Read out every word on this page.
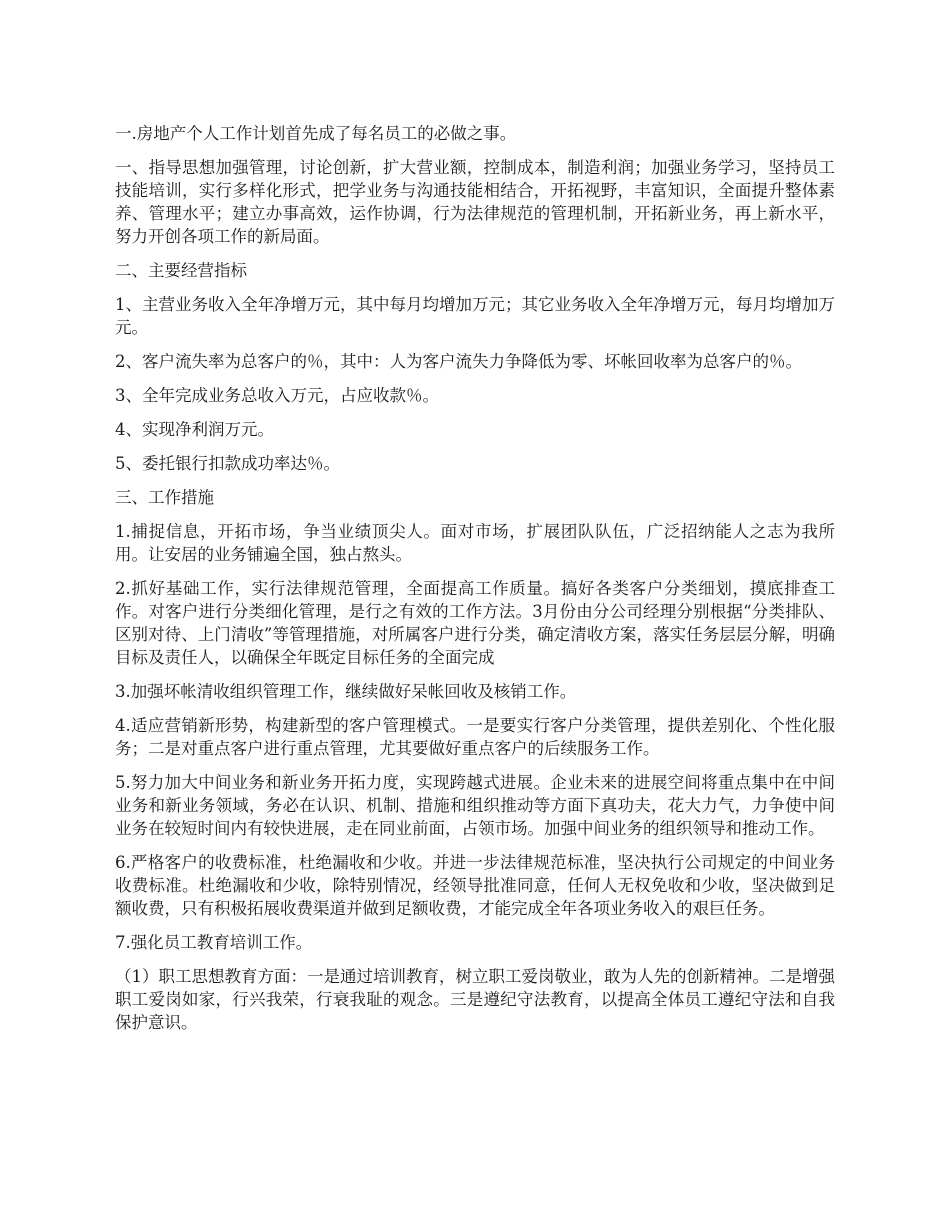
一.房地产个人工作计划首先成了每名员工的必做之事。

一、指导思想加强管理，讨论创新，扩大营业额，控制成本，制造利润；加强业务学习，坚持员工技能培训，实行多样化形式，把学业务与沟通技能相结合，开拓视野，丰富知识，全面提升整体素养、管理水平；建立办事高效，运作协调，行为法律规范的管理机制，开拓新业务，再上新水平，努力开创各项工作的新局面。

二、主要经营指标

1、主营业务收入全年净增万元，其中每月均增加万元；其它业务收入全年净增万元，每月均增加万元。

2、客户流失率为总客户的％，其中：人为客户流失力争降低为零、坏帐回收率为总客户的％。

3、全年完成业务总收入万元，占应收款％。

4、实现净利润万元。

5、委托银行扣款成功率达％。

三、工作措施

1.捕捉信息，开拓市场，争当业绩顶尖人。面对市场，扩展团队队伍，广泛招纳能人之志为我所用。让安居的业务铺遍全国，独占熬头。

2.抓好基础工作，实行法律规范管理，全面提高工作质量。搞好各类客户分类细划，摸底排查工作。对客户进行分类细化管理，是行之有效的工作方法。3月份由分公司经理分别根据“分类排队、区别对待、上门清收”等管理措施，对所属客户进行分类，确定清收方案，落实任务层层分解，明确目标及责任人，以确保全年既定目标任务的全面完成

3.加强坏帐清收组织管理工作，继续做好呆帐回收及核销工作。

4.适应营销新形势，构建新型的客户管理模式。一是要实行客户分类管理，提供差别化、个性化服务；二是对重点客户进行重点管理，尤其要做好重点客户的后续服务工作。

5.努力加大中间业务和新业务开拓力度，实现跨越式进展。企业未来的进展空间将重点集中在中间业务和新业务领域，务必在认识、机制、措施和组织推动等方面下真功夫，花大力气，力争使中间业务在较短时间内有较快进展，走在同业前面，占领市场。加强中间业务的组织领导和推动工作。

6.严格客户的收费标准，杜绝漏收和少收。并进一步法律规范标准，坚决执行公司规定的中间业务收费标准。杜绝漏收和少收，除特别情况，经领导批准同意，任何人无权免收和少收，坚决做到足额收费，只有积极拓展收费渠道并做到足额收费，才能完成全年各项业务收入的艰巨任务。

7.强化员工教育培训工作。

（1）职工思想教育方面：一是通过培训教育，树立职工爱岗敬业，敢为人先的创新精神。二是增强职工爱岗如家，行兴我荣，行衰我耻的观念。三是遵纪守法教育，以提高全体员工遵纪守法和自我保护意识。
